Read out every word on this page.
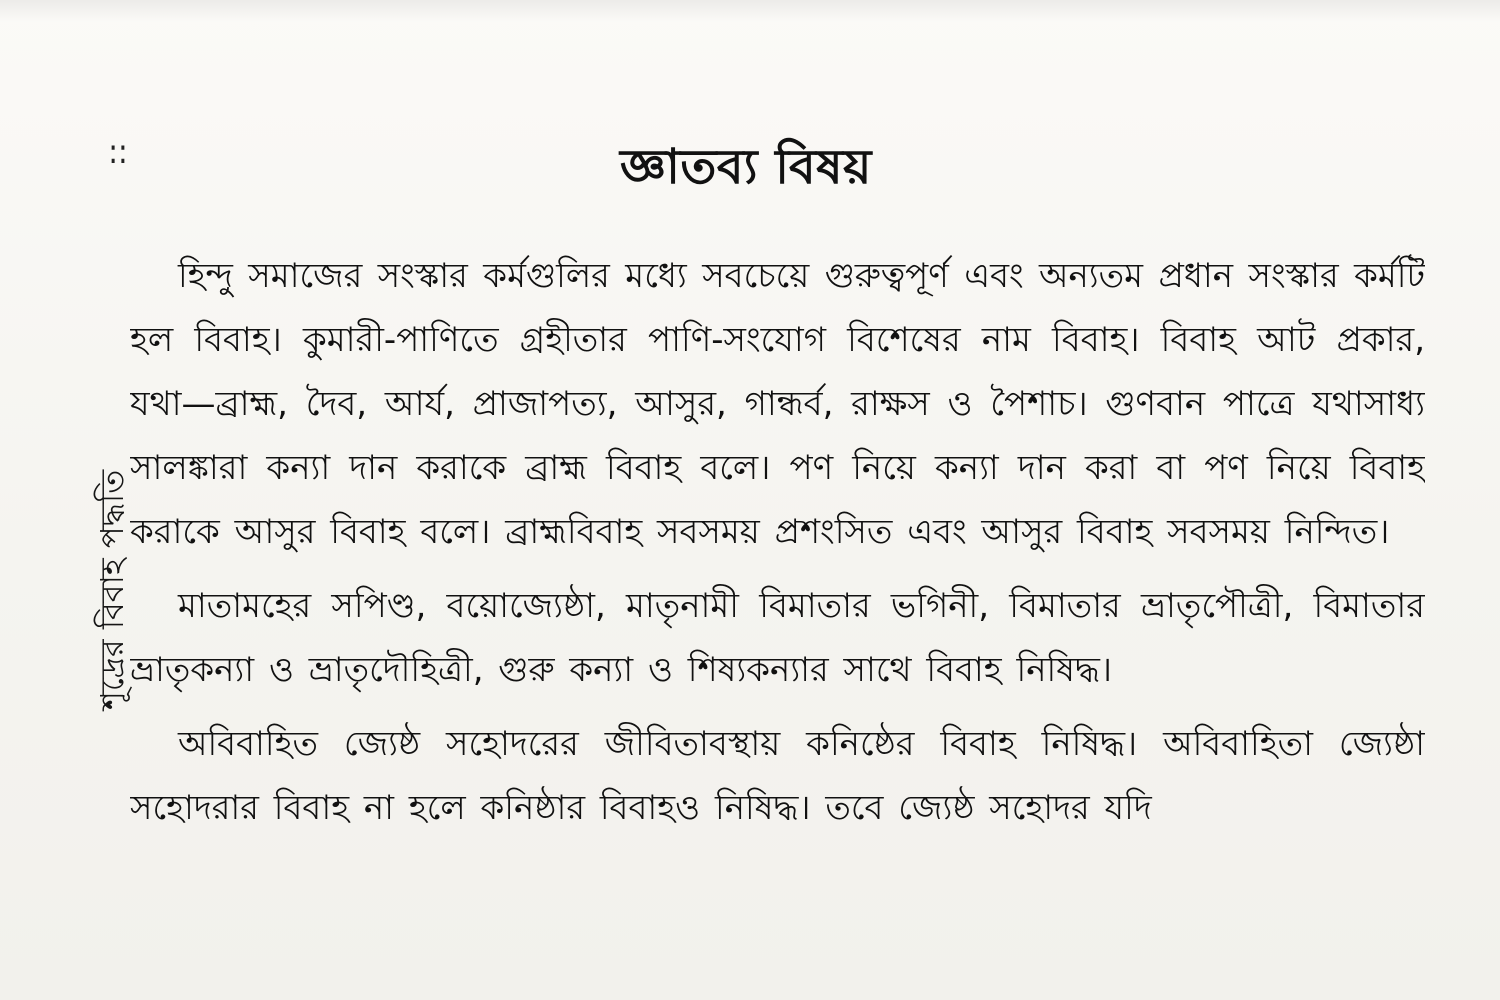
::	জ্ঞাতব্য বিষয়
শূদ্রের বিবাহ পদ্ধতি

হিন্দু সমাজের সংস্কার কর্মগুলির মধ্যে সবচেয়ে গুরুত্বপূর্ণ এবং অন্যতম প্রধান সংস্কার কর্মটি হল বিবাহ। কুমারী-পাণিতে গ্রহীতার পাণি-সংযোগ বিশেষের নাম বিবাহ। বিবাহ আট প্রকার, যথা—ব্রাহ্ম, দৈব, আর্য, প্রাজাপত্য, আসুর, গান্ধর্ব, রাক্ষস ও পৈশাচ। গুণবান পাত্রে যথাসাধ্য সালঙ্কারা কন্যা দান করাকে ব্রাহ্ম বিবাহ বলে। পণ নিয়ে কন্যা দান করা বা পণ নিয়ে বিবাহ করাকে আসুর বিবাহ বলে। ব্রাহ্মবিবাহ সবসময় প্রশংসিত এবং আসুর বিবাহ সবসময় নিন্দিত।

মাতামহের সপিণ্ড, বয়োজ্যেষ্ঠা, মাতৃনামী বিমাতার ভগিনী, বিমাতার ভ্রাতৃপৌত্রী, বিমাতার ভ্রাতৃকন্যা ও ভ্রাতৃদৌহিত্রী, গুরু কন্যা ও শিষ্যকন্যার সাথে বিবাহ নিষিদ্ধ।

অবিবাহিত জ্যেষ্ঠ সহোদরের জীবিতাবস্থায় কনিষ্ঠের বিবাহ নিষিদ্ধ। অবিবাহিতা জ্যেষ্ঠা সহোদরার বিবাহ না হলে কনিষ্ঠার বিবাহও নিষিদ্ধ। তবে জ্যেষ্ঠ সহোদর যদি
